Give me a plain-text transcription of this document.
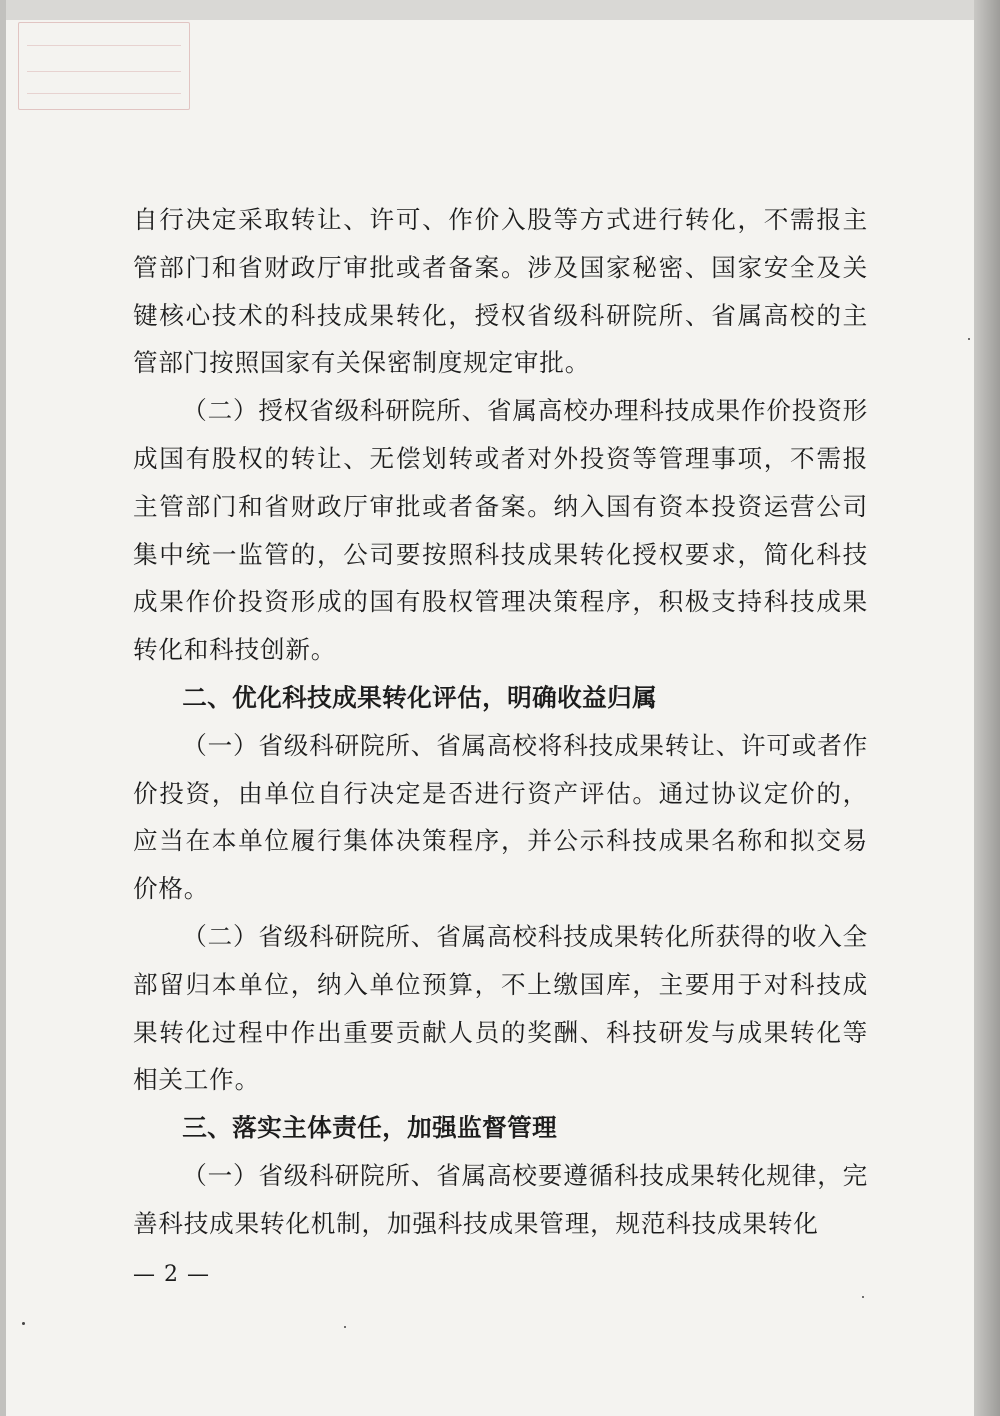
自行决定采取转让、许可、作价入股等方式进行转化，不需报主管部门和省财政厅审批或者备案。涉及国家秘密、国家安全及关键核心技术的科技成果转化，授权省级科研院所、省属高校的主管部门按照国家有关保密制度规定审批。

（二）授权省级科研院所、省属高校办理科技成果作价投资形成国有股权的转让、无偿划转或者对外投资等管理事项，不需报主管部门和省财政厅审批或者备案。纳入国有资本投资运营公司集中统一监管的，公司要按照科技成果转化授权要求，简化科技成果作价投资形成的国有股权管理决策程序，积极支持科技成果转化和科技创新。

二、优化科技成果转化评估，明确收益归属

（一）省级科研院所、省属高校将科技成果转让、许可或者作价投资，由单位自行决定是否进行资产评估。通过协议定价的，应当在本单位履行集体决策程序，并公示科技成果名称和拟交易价格。

（二）省级科研院所、省属高校科技成果转化所获得的收入全部留归本单位，纳入单位预算，不上缴国库，主要用于对科技成果转化过程中作出重要贡献人员的奖酬、科技研发与成果转化等相关工作。

三、落实主体责任，加强监督管理

（一）省级科研院所、省属高校要遵循科技成果转化规律，完善科技成果转化机制，加强科技成果管理，规范科技成果转化

— 2 —
